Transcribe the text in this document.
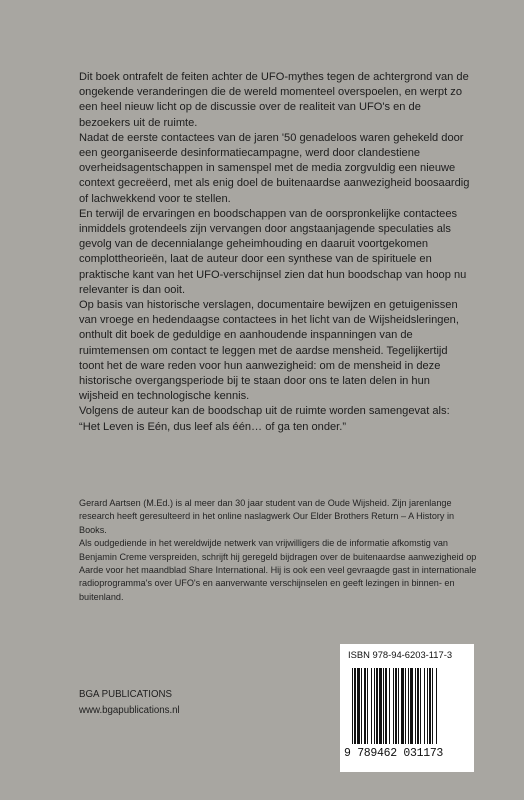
Dit boek ontrafelt de feiten achter de UFO-mythes tegen de achtergrond van de ongekende veranderingen die de wereld momenteel overspoelen, en werpt zo een heel nieuw licht op de discussie over de realiteit van UFO's en de bezoekers uit de ruimte.

Nadat de eerste contactees van de jaren '50 genadeloos waren gehekeld door een georganiseerde desinformatiecampagne, werd door clandestiene overheidsagentschappen in samenspel met de media zorgvuldig een nieuwe context gecreëerd, met als enig doel de buitenaardse aanwezigheid boosaardig of lachwekkend voor te stellen.

En terwijl de ervaringen en boodschappen van de oorspronkelijke contactees inmiddels grotendeels zijn vervangen door angstaanjagende speculaties als gevolg van de decennialange geheimhouding en daaruit voortgekomen complottheorieën, laat de auteur door een synthese van de spirituele en praktische kant van het UFO-verschijnsel zien dat hun boodschap van hoop nu relevanter is dan ooit.

Op basis van historische verslagen, documentaire bewijzen en getuigenissen van vroege en hedendaagse contactees in het licht van de Wijsheidsleringen, onthult dit boek de geduldige en aanhoudende inspanningen van de ruimtemensen om contact te leggen met de aardse mensheid. Tegelijkertijd toont het de ware reden voor hun aanwezigheid: om de mensheid in deze historische overgangsperiode bij te staan door ons te laten delen in hun wijsheid en technologische kennis.

Volgens de auteur kan de boodschap uit de ruimte worden samengevat als: “Het Leven is Eén, dus leef als één… of ga ten onder.”

Gerard Aartsen (M.Ed.) is al meer dan 30 jaar student van de Oude Wijsheid. Zijn jarenlange research heeft geresulteerd in het online naslagwerk Our Elder Brothers Return – A History in Books.

Als oudgediende in het wereldwijde netwerk van vrijwilligers die de informatie afkomstig van Benjamin Creme verspreiden, schrijft hij geregeld bijdragen over de buitenaardse aanwezigheid op Aarde voor het maandblad Share International. Hij is ook een veel gevraagde gast in internationale radioprogramma's over UFO's en aanverwante verschijnselen en geeft lezingen in binnen- en buitenland.

ISBN 978-94-6203-117-3
9 789462 031173
BGA PUBLICATIONS
www.bgapublications.nl
